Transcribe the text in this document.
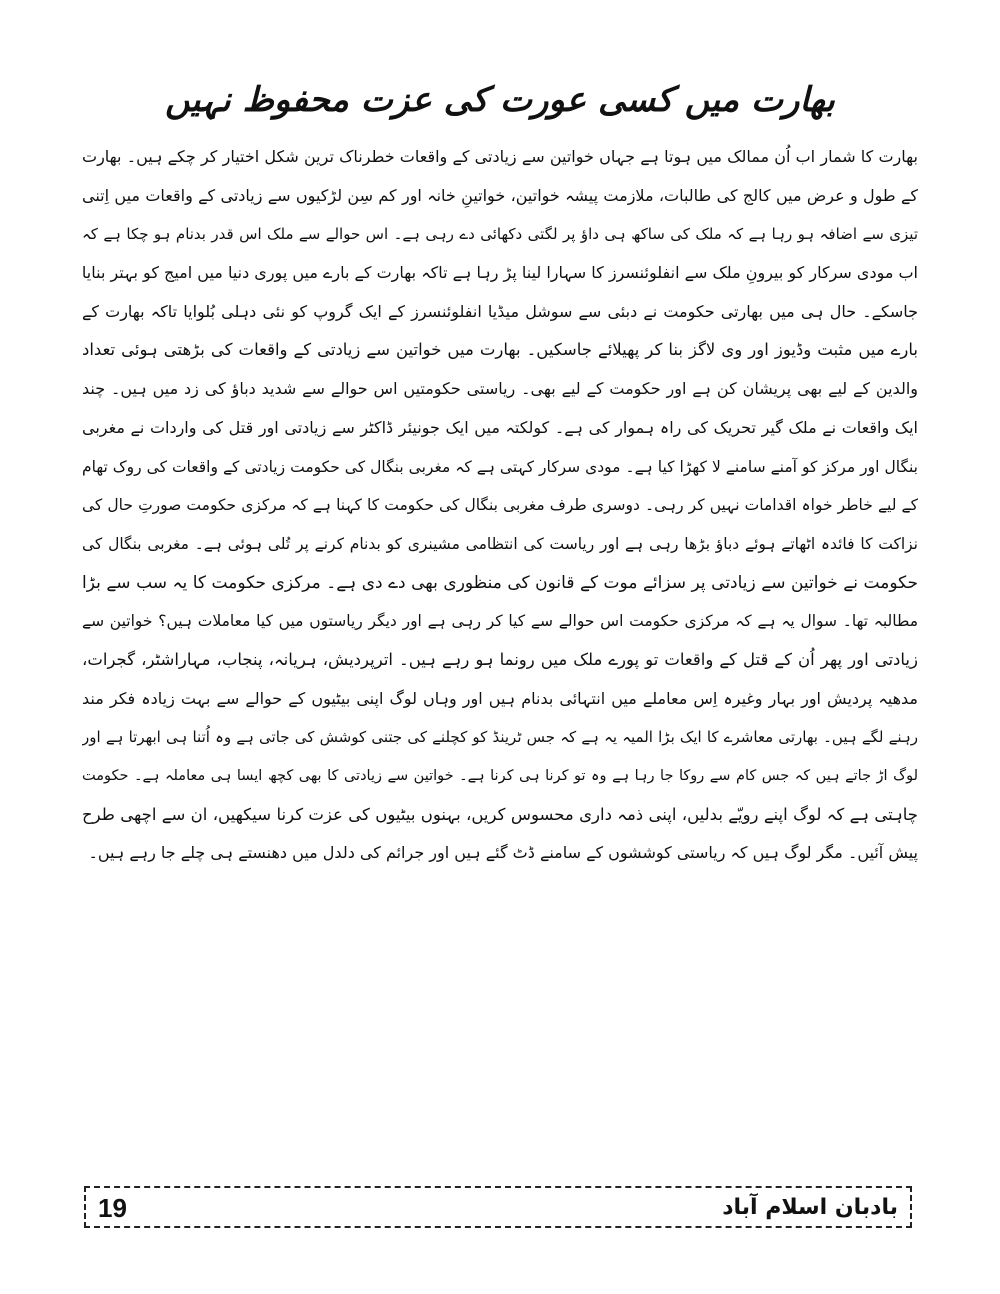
بھارت میں کسی عورت کی عزت محفوظ نہیں
بھارت کا شمار اب اُن ممالک میں ہوتا ہے جہاں خواتین سے زیادتی کے واقعات خطرناک ترین شکل اختیار کر چکے ہیں۔ بھارت
کے طول و عرض میں کالج کی طالبات، ملازمت پیشہ خواتین، خواتینِ خانہ اور کم سِن لڑکیوں سے زیادتی کے واقعات میں اِتنی
تیزی سے اضافہ ہو رہا ہے کہ ملک کی ساکھ ہی داؤ پر لگتی دکھائی دے رہی ہے۔ اس حوالے سے ملک اس قدر بدنام ہو چکا ہے کہ
اب مودی سرکار کو بیرونِ ملک سے انفلوئنسرز کا سہارا لینا پڑ رہا ہے تاکہ بھارت کے بارے میں پوری دنیا میں امیج کو بہتر بنایا
جاسکے۔ حال ہی میں بھارتی حکومت نے دبئی سے سوشل میڈیا انفلوئنسرز کے ایک گروپ کو نئی دہلی بُلوایا تاکہ بھارت کے
بارے میں مثبت وڈیوز اور وی لاگز بنا کر پھیلائے جاسکیں۔ بھارت میں خواتین سے زیادتی کے واقعات کی بڑھتی ہوئی تعداد
والدین کے لیے بھی پریشان کن ہے اور حکومت کے لیے بھی۔ ریاستی حکومتیں اس حوالے سے شدید دباؤ کی زد میں ہیں۔ چند
ایک واقعات نے ملک گیر تحریک کی راہ ہموار کی ہے۔ کولکتہ میں ایک جونیئر ڈاکٹر سے زیادتی اور قتل کی واردات نے مغربی
بنگال اور مرکز کو آمنے سامنے لا کھڑا کیا ہے۔ مودی سرکار کہتی ہے کہ مغربی بنگال کی حکومت زیادتی کے واقعات کی روک تھام
کے لیے خاطر خواہ اقدامات نہیں کر رہی۔ دوسری طرف مغربی بنگال کی حکومت کا کہنا ہے کہ مرکزی حکومت صورتِ حال کی
نزاکت کا فائدہ اٹھاتے ہوئے دباؤ بڑھا رہی ہے اور ریاست کی انتظامی مشینری کو بدنام کرنے پر تُلی ہوئی ہے۔ مغربی بنگال کی
حکومت نے خواتین سے زیادتی پر سزائے موت کے قانون کی منظوری بھی دے دی ہے۔ مرکزی حکومت کا یہ سب سے بڑا
مطالبہ تھا۔ سوال یہ ہے کہ مرکزی حکومت اس حوالے سے کیا کر رہی ہے اور دیگر ریاستوں میں کیا معاملات ہیں؟ خواتین سے
زیادتی اور پھر اُن کے قتل کے واقعات تو پورے ملک میں رونما ہو رہے ہیں۔ اترپردیش، ہریانہ، پنجاب، مہاراشٹر، گجرات،
مدھیہ پردیش اور بہار وغیرہ اِس معاملے میں انتہائی بدنام ہیں اور وہاں لوگ اپنی بیٹیوں کے حوالے سے بہت زیادہ فکر مند
رہنے لگے ہیں۔ بھارتی معاشرے کا ایک بڑا المیہ یہ ہے کہ جس ٹرینڈ کو کچلنے کی جتنی کوشش کی جاتی ہے وہ اُتنا ہی ابھرتا ہے اور
لوگ اڑ جاتے ہیں کہ جس کام سے روکا جا رہا ہے وہ تو کرنا ہی کرنا ہے۔ خواتین سے زیادتی کا بھی کچھ ایسا ہی معاملہ ہے۔ حکومت
چاہتی ہے کہ لوگ اپنے رویّے بدلیں، اپنی ذمہ داری محسوس کریں، بہنوں بیٹیوں کی عزت کرنا سیکھیں، ان سے اچھی طرح
پیش آئیں۔ مگر لوگ ہیں کہ ریاستی کوششوں کے سامنے ڈٹ گئے ہیں اور جرائم کی دلدل میں دھنستے ہی چلے جا رہے ہیں۔
19	بادبان اسلام آباد
